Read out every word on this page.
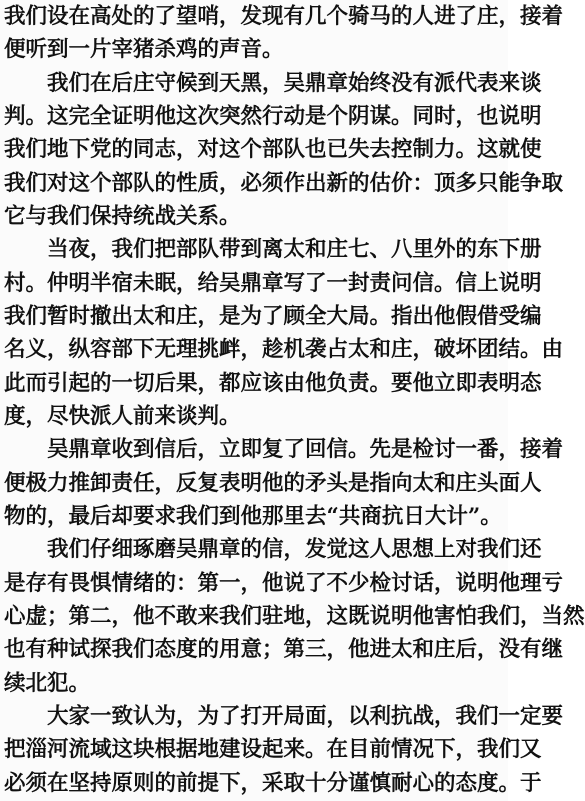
我们设在高处的了望哨，发现有几个骑马的人进了庄，接着
便听到一片宰猪杀鸡的声音。
我们在后庄守候到天黑，吴鼎章始终没有派代表来谈
判。这完全证明他这次突然行动是个阴谋。同时，也说明
我们地下党的同志，对这个部队也已失去控制力。这就使
我们对这个部队的性质，必须作出新的估价：顶多只能争取
它与我们保持统战关系。
当夜，我们把部队带到离太和庄七、八里外的东下册
村。仲明半宿未眠，给吴鼎章写了一封责问信。信上说明
我们暂时撤出太和庄，是为了顾全大局。指出他假借受编
名义，纵容部下无理挑衅，趁机袭占太和庄，破坏团结。由
此而引起的一切后果，都应该由他负责。要他立即表明态
度，尽快派人前来谈判。
吴鼎章收到信后，立即复了回信。先是检讨一番，接着
便极力推卸责任，反复表明他的矛头是指向太和庄头面人
物的，最后却要求我们到他那里去“共商抗日大计”。
我们仔细琢磨吴鼎章的信，发觉这人思想上对我们还
是存有畏惧情绪的：第一，他说了不少检讨话，说明他理亏
心虚；第二，他不敢来我们驻地，这既说明他害怕我们，当然
也有种试探我们态度的用意；第三，他进太和庄后，没有继
续北犯。
大家一致认为，为了打开局面，以利抗战，我们一定要
把淄河流域这块根据地建设起来。在目前情况下，我们又
必须在坚持原则的前提下，采取十分谨慎耐心的态度。于
